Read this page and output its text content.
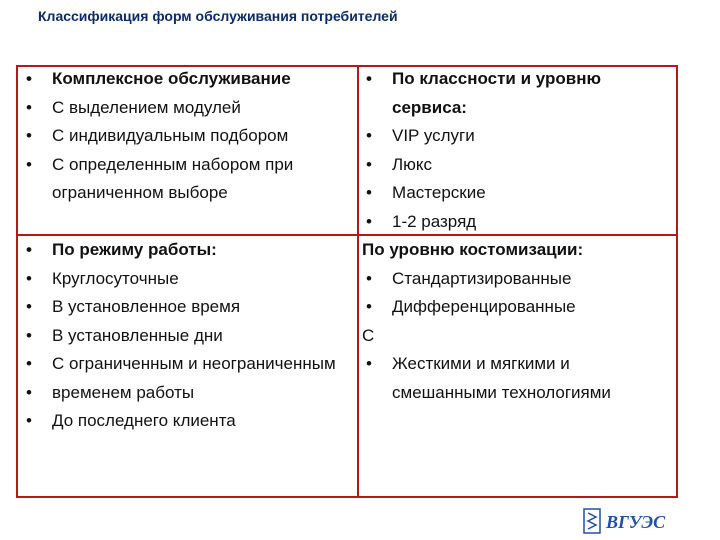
Классификация форм обслуживания потребителей
• Комплексное обслуживание
• С выделением модулей
• С индивидуальным подбором
• С определенным набором при ограниченном выборе
• По классности и уровню сервиса:
• VIP услуги
• Люкс
• Мастерские
• 1-2 разряд
• По режиму работы:
• Круглосуточные
• В установленное время
• В установленные дни
• С ограниченным и неограниченным
• временем работы
• До последнего клиента
По уровню костомизации:
• Стандартизированные
• Дифференцированные
С
• Жесткими и мягкими и смешанными технологиями
ВГУЭС
